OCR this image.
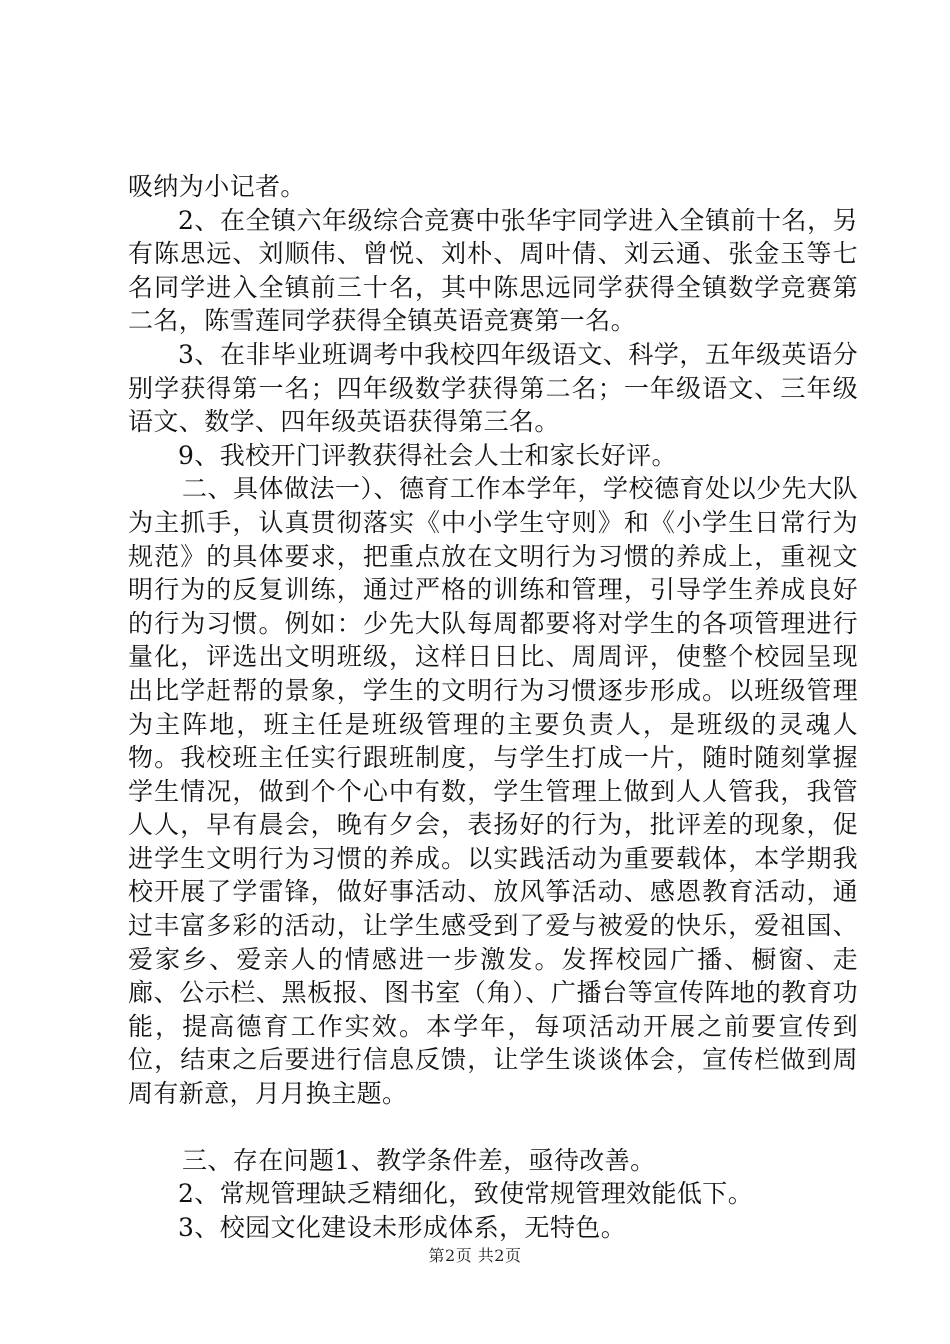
吸纳为小记者。

2、在全镇六年级综合竞赛中张华宇同学进入全镇前十名，另有陈思远、刘顺伟、曾悦、刘朴、周叶倩、刘云通、张金玉等七名同学进入全镇前三十名，其中陈思远同学获得全镇数学竞赛第二名，陈雪莲同学获得全镇英语竞赛第一名。

3、在非毕业班调考中我校四年级语文、科学，五年级英语分别学获得第一名；四年级数学获得第二名；一年级语文、三年级语文、数学、四年级英语获得第三名。

9、我校开门评教获得社会人士和家长好评。

二、具体做法一）、德育工作本学年，学校德育处以少先大队为主抓手，认真贯彻落实《中小学生守则》和《小学生日常行为规范》的具体要求，把重点放在文明行为习惯的养成上，重视文明行为的反复训练，通过严格的训练和管理，引导学生养成良好的行为习惯。例如：少先大队每周都要将对学生的各项管理进行量化，评选出文明班级，这样日日比、周周评，使整个校园呈现出比学赶帮的景象，学生的文明行为习惯逐步形成。以班级管理为主阵地，班主任是班级管理的主要负责人，是班级的灵魂人物。我校班主任实行跟班制度，与学生打成一片，随时随刻掌握学生情况，做到个个心中有数，学生管理上做到人人管我，我管人人，早有晨会，晚有夕会，表扬好的行为，批评差的现象，促进学生文明行为习惯的养成。以实践活动为重要载体，本学期我校开展了学雷锋，做好事活动、放风筝活动、感恩教育活动，通过丰富多彩的活动，让学生感受到了爱与被爱的快乐，爱祖国、爱家乡、爱亲人的情感进一步激发。发挥校园广播、橱窗、走廊、公示栏、黑板报、图书室（角）、广播台等宣传阵地的教育功能，提高德育工作实效。本学年，每项活动开展之前要宣传到位，结束之后要进行信息反馈，让学生谈谈体会，宣传栏做到周周有新意，月月换主题。

三、存在问题1、教学条件差，亟待改善。

2、常规管理缺乏精细化，致使常规管理效能低下。

3、校园文化建设未形成体系，无特色。

第2页 共2页
